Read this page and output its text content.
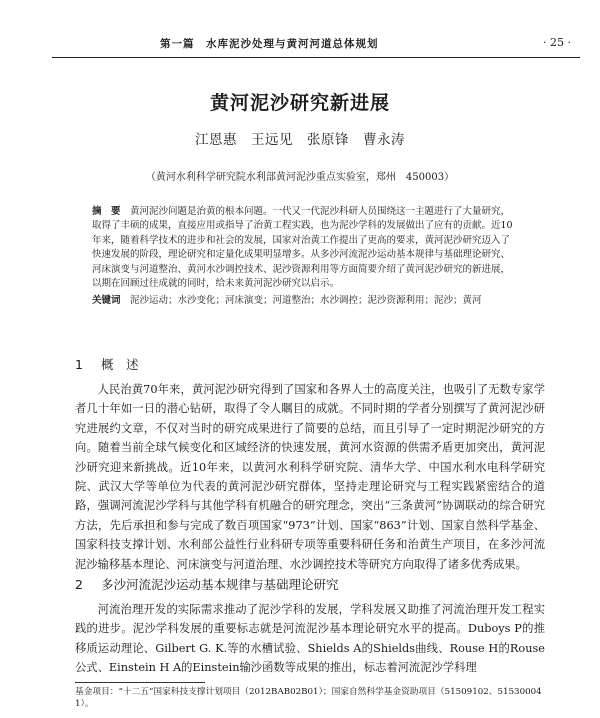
第一篇　水库泥沙处理与黄河河道总体规划	· 25 ·
黄河泥沙研究新进展
江恩惠　王远见　张原锋　曹永涛
（黄河水利科学研究院水利部黄河泥沙重点实验室，郑州　450003）
摘　要　黄河泥沙问题是治黄的根本问题。一代又一代泥沙科研人员围绕这一主题进行了大量研究，取得了丰硕的成果，直接应用或指导了治黄工程实践，也为泥沙学科的发展做出了应有的贡献。近10年来，随着科学技术的进步和社会的发展，国家对治黄工作提出了更高的要求，黄河泥沙研究迈入了快速发展的阶段，理论研究和定量化成果明显增多。从多沙河流泥沙运动基本规律与基础理论研究、河床演变与河道整治、黄河水沙调控技术、泥沙资源利用等方面简要介绍了黄河泥沙研究的新进展，以期在回顾过往成就的同时，给未来黄河泥沙研究以启示。
关键词　泥沙运动；水沙变化；河床演变；河道整治；水沙调控；泥沙资源利用；泥沙；黄河
1 概　述

人民治黄70年来，黄河泥沙研究得到了国家和各界人士的高度关注，也吸引了无数专家学者几十年如一日的潜心钻研，取得了令人瞩目的成就。不同时期的学者分别撰写了黄河泥沙研究进展约文章，不仅对当时的研究成果进行了简要的总结，而且引导了一定时期泥沙研究的方向。随着当前全球气候变化和区域经济的快速发展，黄河水资源的供需矛盾更加突出，黄河泥沙研究迎来新挑战。近10年来，以黄河水利科学研究院、清华大学、中国水利水电科学研究院、武汉大学等单位为代表的黄河泥沙研究群体，坚持走理论研究与工程实践紧密结合的道路，强调河流泥沙学科与其他学科有机融合的研究理念，突出“三条黄河”协调联动的综合研究方法，先后承担和参与完成了数百项国家“973”计划、国家“863”计划、国家自然科学基金、国家科技支撑计划、水利部公益性行业科研专项等重要科研任务和治黄生产项目，在多沙河流泥沙输移基本理论、河床演变与河道治理、水沙调控技术等研究方向取得了诸多优秀成果。

2 多沙河流泥沙运动基本规律与基础理论研究

河流治理开发的实际需求推动了泥沙学科的发展，学科发展又助推了河流治理开发工程实践的进步。泥沙学科发展的重要标志就是河流泥沙基本理论研究水平的提高。Duboys P的推移质运动理论、Gilbert G. K.等的水槽试验、Shields A的Shields曲线、Rouse H的Rouse公式、Einstein H A的Einstein输沙函数等成果的推出，标志着河流泥沙学科理

基金项目：“十二五”国家科技支撑计划项目（2012BAB02B01）；国家自然科学基金资助项目（51509102、51530004 1）。
